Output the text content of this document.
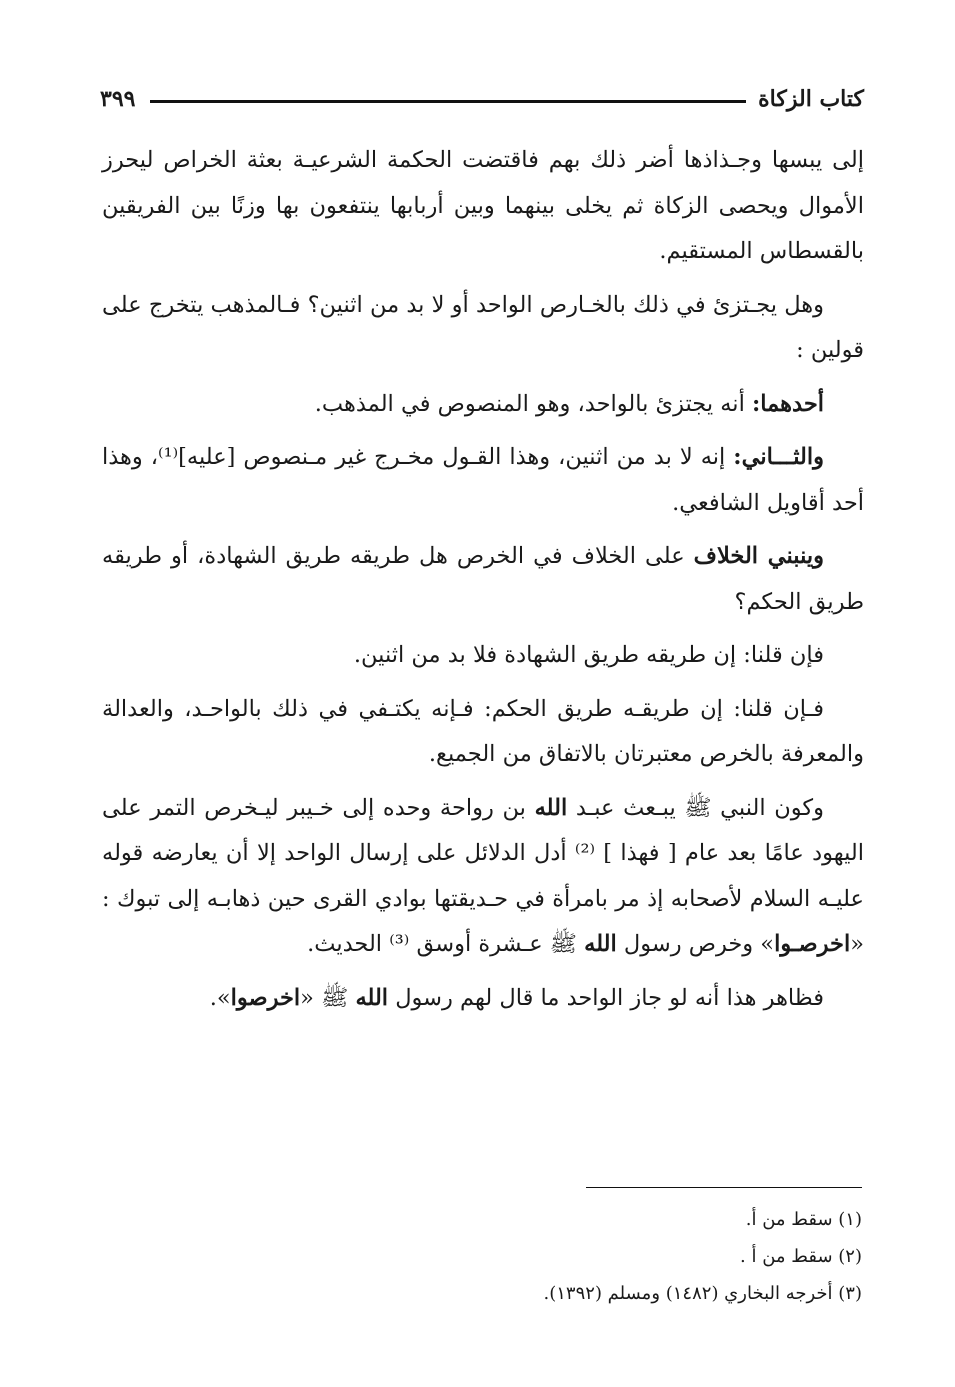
كتاب الزكاة
٣٩٩

إلى يبسها وجـذاذها أضر ذلك بهم فاقتضت الحكمة الشرعيـة بعثة الخراص ليحرز الأموال ويحصى الزكاة ثم يخلى بينهما وبين أربابها ينتفعون بها وزنًا بين الفريقين بالقسطاس المستقيم.

وهل يجـتزئ في ذلك بالخـارص الواحد أو لا بد من اثنين؟ فـالمذهب يتخرج على قولين :

أحدهما: أنه يجتزئ بالواحد، وهو المنصوص في المذهب.

والثـــاني: إنه لا بد من اثنين، وهذا القـول مخـرج غير مـنصوص [عليه]⁽¹⁾، وهذا أحد أقاويل الشافعي.

وينبني الخلاف على الخلاف في الخرص هل طريقه طريق الشهادة، أو طريقه طريق الحكم؟

فإن قلنا: إن طريقه طريق الشهادة فلا بد من اثنين.

فـإن قلنا: إن طريقـه طريق الحكم: فـإنه يكتـفي في ذلك بالواحـد، والعدالة والمعرفة بالخرص معتبرتان بالاتفاق من الجميع.

وكون النبي ﷺ يبـعث عبـد الله بن رواحة وحده إلى خـيبر ليـخرص التمر على اليهود عامًا بعد عام [ فهذا ] ⁽²⁾ أدل الدلائل على إرسال الواحد إلا أن يعارضه قوله عليـه السلام لأصحابه إذ مر بامرأة في حـديقتها بوادي القرى حين ذهابـه إلى تبوك : «اخرصـوا» وخرص رسول الله ﷺ عـشرة أوسق ⁽³⁾ الحديث.

فظاهر هذا أنه لو جاز الواحد ما قال لهم رسول الله ﷺ «اخرصوا».

(١) سقط من أ.
(٢) سقط من أ .
(٣) أخرجه البخاري (١٤٨٢) ومسلم (١٣٩٢).
